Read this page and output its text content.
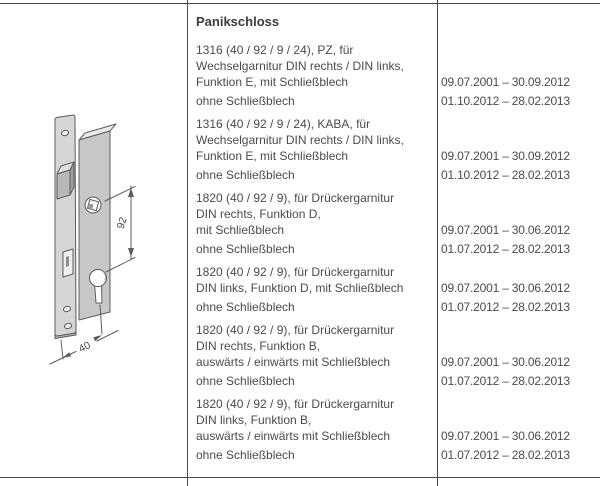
92
40
Panikschloss
1316 (40 / 92 / 9 / 24), PZ, für
Wechselgarnitur DIN rechts / DIN links,
Funktion E, mit Schließblech	09.07.2001 – 30.09.2012
ohne Schließblech	01.10.2012 – 28.02.2013
1316 (40 / 92 / 9 / 24), KABA, für
Wechselgarnitur DIN rechts / DIN links,
Funktion E, mit Schließblech	09.07.2001 – 30.09.2012
ohne Schließblech	01.10.2012 – 28.02.2013
1820 (40 / 92 / 9), für Drückergarnitur
DIN rechts, Funktion D,
mit Schließblech	09.07.2001 – 30.06.2012
ohne Schließblech	01.07.2012 – 28.02.2013
1820 (40 / 92 / 9), für Drückergarnitur
DIN links, Funktion D, mit Schließblech	09.07.2001 – 30.06.2012
ohne Schließblech	01.07.2012 – 28.02.2013
1820 (40 / 92 / 9), für Drückergarnitur
DIN rechts, Funktion B,
auswärts / einwärts mit Schließblech	09.07.2001 – 30.06.2012
ohne Schließblech	01.07.2012 – 28.02.2013
1820 (40 / 92 / 9), für Drückergarnitur
DIN links, Funktion B,
auswärts / einwärts mit Schließblech	09.07.2001 – 30.06.2012
ohne Schließblech	01.07.2012 – 28.02.2013
